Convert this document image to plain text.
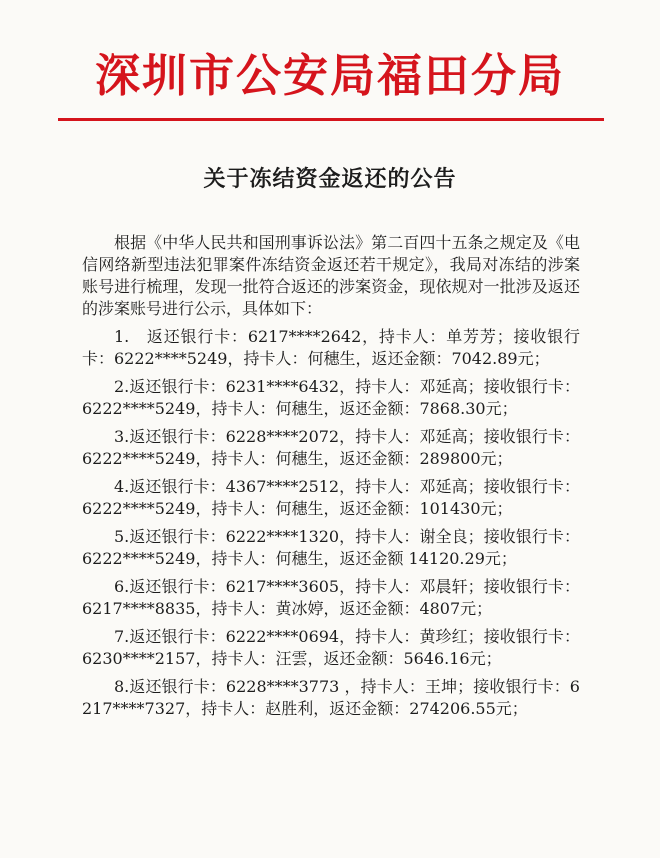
深圳市公安局福田分局
关于冻结资金返还的公告

根据《中华人民共和国刑事诉讼法》第二百四十五条之规定及《电信网络新型违法犯罪案件冻结资金返还若干规定》，我局对冻结的涉案账号进行梳理，发现一批符合返还的涉案资金，现依规对一批涉及返还的涉案账号进行公示，具体如下：

1.　返还银行卡：6217****2642，持卡人：单芳芳；接收银行卡：6222****5249，持卡人：何穗生，返还金额：7042.89元；

2.返还银行卡：6231****6432，持卡人：邓延高；接收银行卡：6222****5249，持卡人：何穗生，返还金额：7868.30元；

3.返还银行卡：6228****2072，持卡人：邓延高；接收银行卡：6222****5249，持卡人：何穗生，返还金额：289800元；

4.返还银行卡：4367****2512，持卡人：邓延高；接收银行卡：6222****5249，持卡人：何穗生，返还金额：101430元；

5.返还银行卡：6222****1320，持卡人：谢全良；接收银行卡：6222****5249，持卡人：何穗生，返还金额 14120.29元；

6.返还银行卡：6217****3605，持卡人：邓晨轩；接收银行卡：6217****8835，持卡人：黄冰婷，返还金额：4807元；

7.返还银行卡：6222****0694，持卡人：黄珍红；接收银行卡：6230****2157，持卡人：汪雲，返还金额：5646.16元；

8.返还银行卡：6228****3773 ，持卡人：王坤；接收银行卡：6217****7327，持卡人：赵胜利，返还金额：274206.55元；
